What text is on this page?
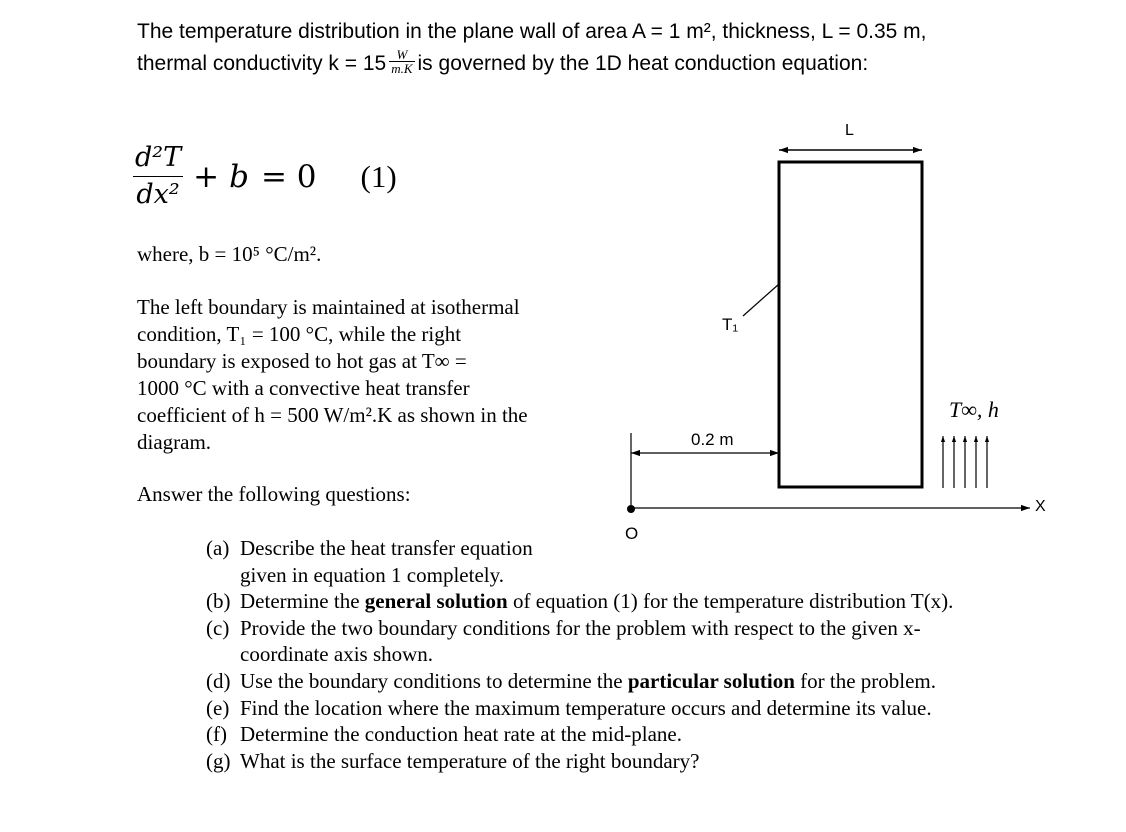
The temperature distribution in the plane wall of area A = 1 m², thickness, L = 0.35 m,
thermal conductivity $k = 15 \frac{W}{m.K}$ is governed by the 1D heat conduction equation:
$\frac{\text{d²T}}{\text{dx²}} + b = 0$ (1)
where, b = 10⁵ °C/m².
The left boundary is maintained at isothermal
condition, T₁ = 100 °C, while the right
boundary is exposed to hot gas at T∞ =
1000 °C with a convective heat transfer
coefficient of h = 500 W/m².K as shown in the
diagram.
Answer the following questions:
L
T₁
T∞, h
0.2 m
O
X
(a) Describe the heat transfer equation
given in equation 1 completely.
(b) Determine the general solution of equation (1) for the temperature distribution T(x).
(c) Provide the two boundary conditions for the problem with respect to the given x-
coordinate axis shown.
(d) Use the boundary conditions to determine the particular solution for the problem.
(e) Find the location where the maximum temperature occurs and determine its value.
(f) Determine the conduction heat rate at the mid-plane.
(g) What is the surface temperature of the right boundary?
